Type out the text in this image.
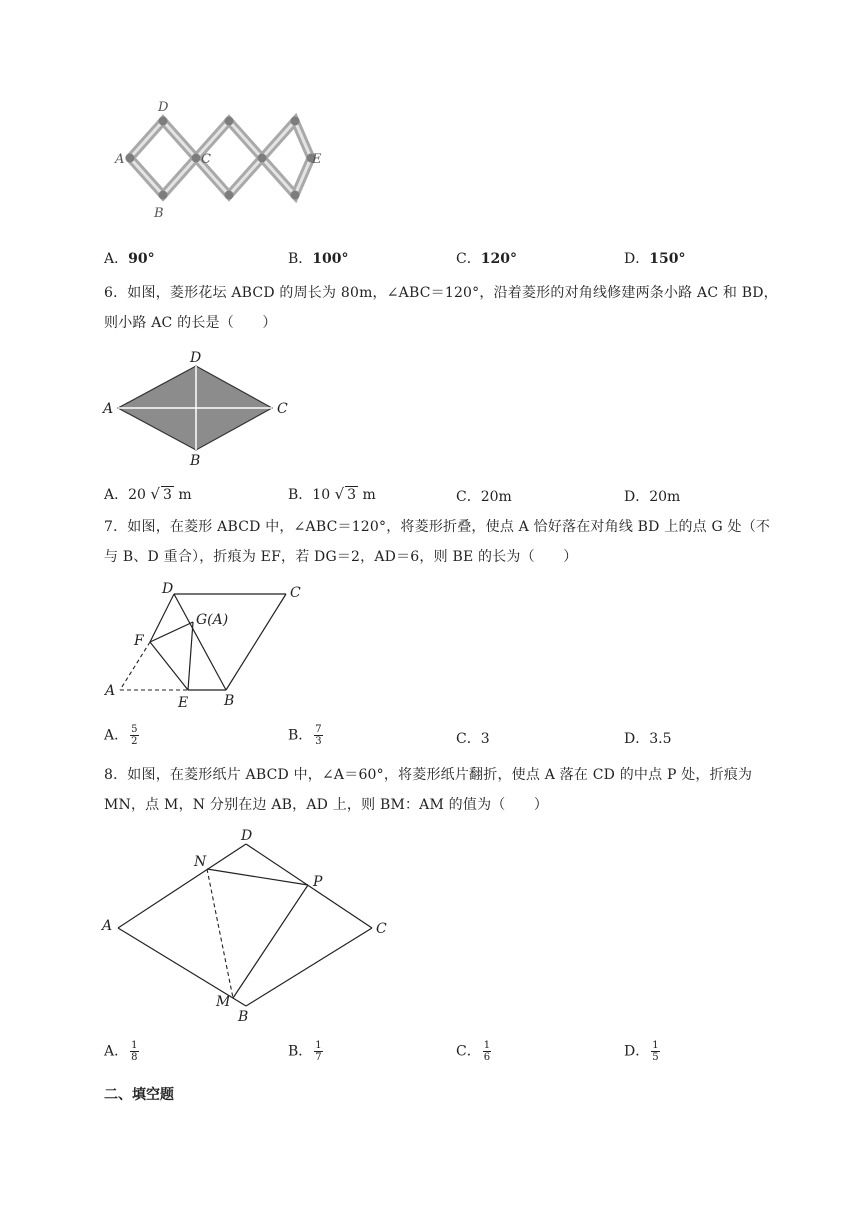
D
A	C	E
B
A．90°	B．100°	C．120°	D．150°
6．如图，菱形花坛 ABCD 的周长为 80m，∠ABC＝120°，沿着菱形的对角线修建两条小路 AC 和 BD，
则小路 AC 的长是（　　）
D
A	C
B
A．20 √ 3 m	B．10 √ 3 m	C．20m	D．20m
7．如图，在菱形 ABCD 中，∠ABC＝120°，将菱形折叠，使点 A 恰好落在对角线 BD 上的点 G 处（不
与 B、D 重合），折痕为 EF，若 DG＝2，AD＝6，则 BE 的长为（　　）
D	C
G(A)
F
A
E	B
A． $\frac{5}{2}$	B． $\frac{7}{3}$	C．3	D．3.5
8．如图，在菱形纸片 ABCD 中，∠A＝60°，将菱形纸片翻折，使点 A 落在 CD 的中点 P 处，折痕为
MN，点 M，N 分别在边 AB，AD 上，则 BM：AM 的值为（　　）
D
N
P
A	C
M
B
A． $\frac{1}{8}$	B． $\frac{1}{7}$	C． $\frac{1}{6}$	D． $\frac{1}{5}$
二、填空题
